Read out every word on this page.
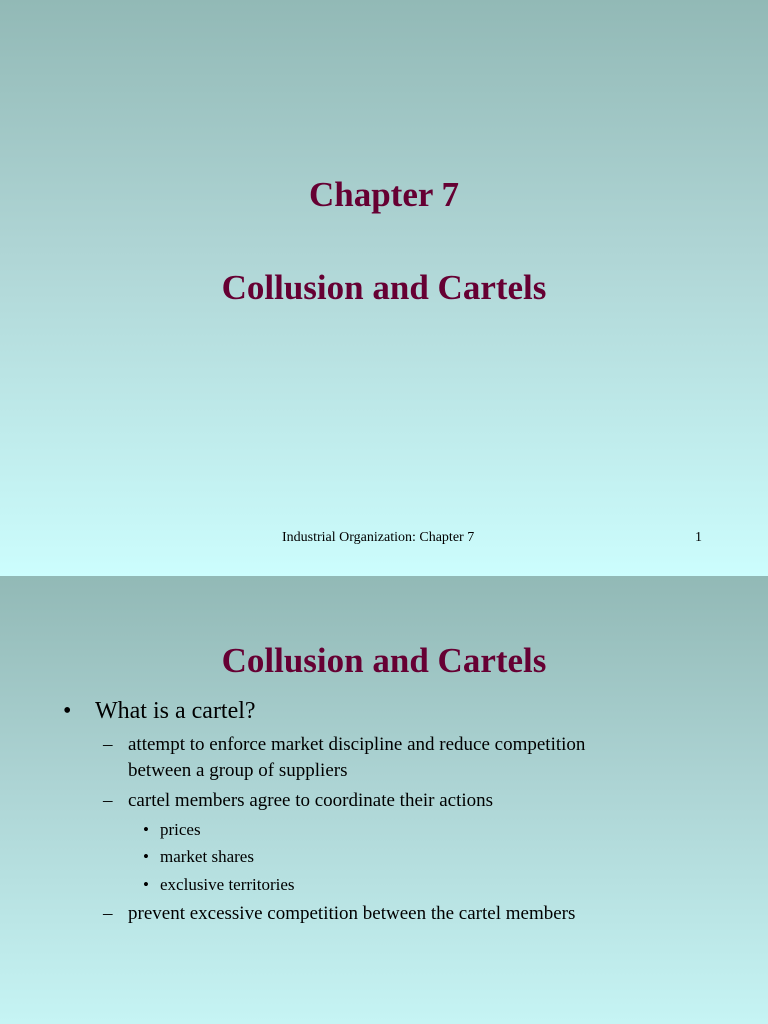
Chapter 7
Collusion and Cartels
Industrial Organization: Chapter 7	1
Collusion and Cartels
• What is a cartel?
– attempt to enforce market discipline and reduce competition
between a group of suppliers
– cartel members agree to coordinate their actions
• prices
• market shares
• exclusive territories
– prevent excessive competition between the cartel members
